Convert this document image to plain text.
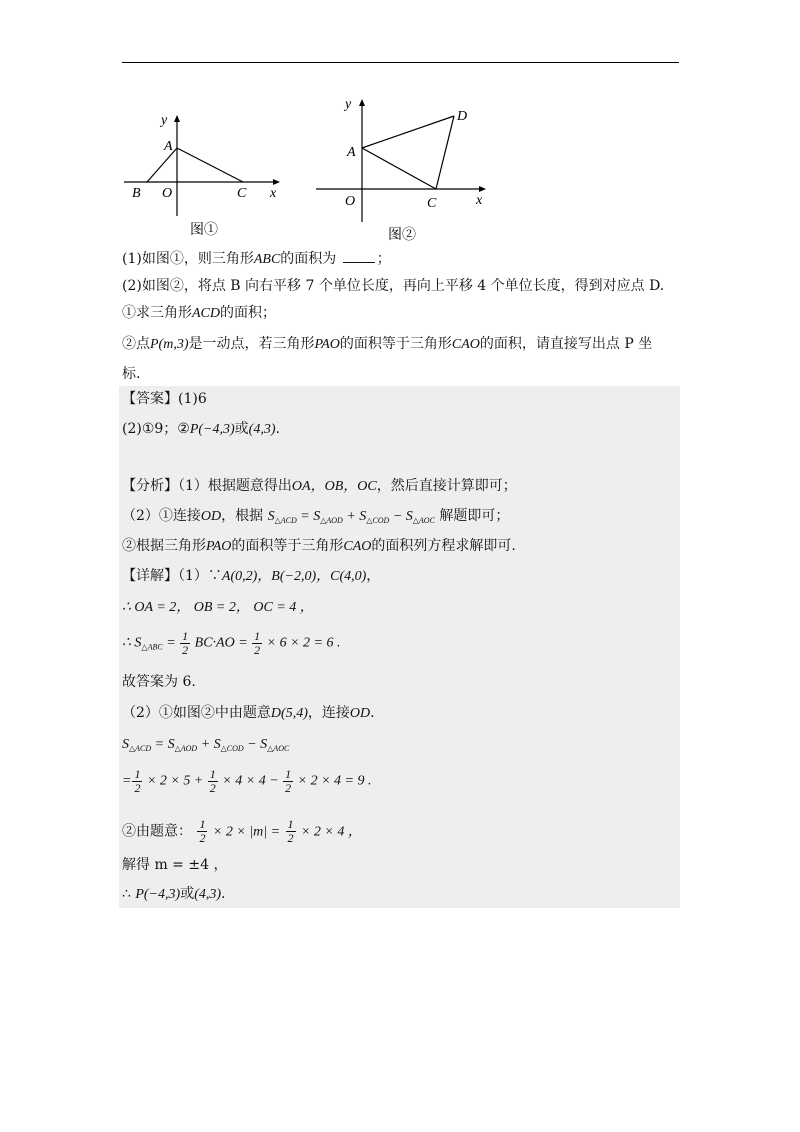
y
A
B O	C x
图①
y
D
A
O	C	x
图②
(1)如图①，则三角形ABC的面积为	；
(2)如图②，将点 B 向右平移 7 个单位长度，再向上平移 4 个单位长度，得到对应点 D.
①求三角形ACD的面积；
②点P(m,3)是一动点，若三角形PAO的面积等于三角形CAO的面积，请直接写出点 P 坐
标.
【答案】(1)6
(2)①9；②P(−4,3)或(4,3).
【分析】（1）根据题意得出OA，OB，OC，然后直接计算即可；
（2）①连接OD，根据 $S_{\triangle ACD} = S_{\triangle AOD} + S_{\triangle COD} - S_{\triangle AOC}$ 解题即可；
②根据三角形PAO的面积等于三角形CAO的面积列方程求解即可.
【详解】（1）∵A(0,2)，B(−2,0)，C(4,0)，
∴ OA = 2， OB = 2， OC = 4 ，
∴ $S_{\triangle ABC} = \frac{1}{2} BC\cdot AO = \frac{1}{2} \times 6 \times 2 = 6$ .
故答案为 6.
（2）①如图②中由题意D(5,4)，连接OD.
$S_{\triangle ACD} = S_{\triangle AOD} + S_{\triangle COD} - S_{\triangle AOC}$
= $\frac{1}{2} \times 2 \times 5 + \frac{1}{2} \times 4 \times 4 - \frac{1}{2} \times 2 \times 4 = 9$ .
②由题意： $\frac{1}{2} \times 2 \times |m| = \frac{1}{2} \times 2 \times 4$ ，
解得 m = ±4 ，
∴ P(−4,3)或(4,3).
